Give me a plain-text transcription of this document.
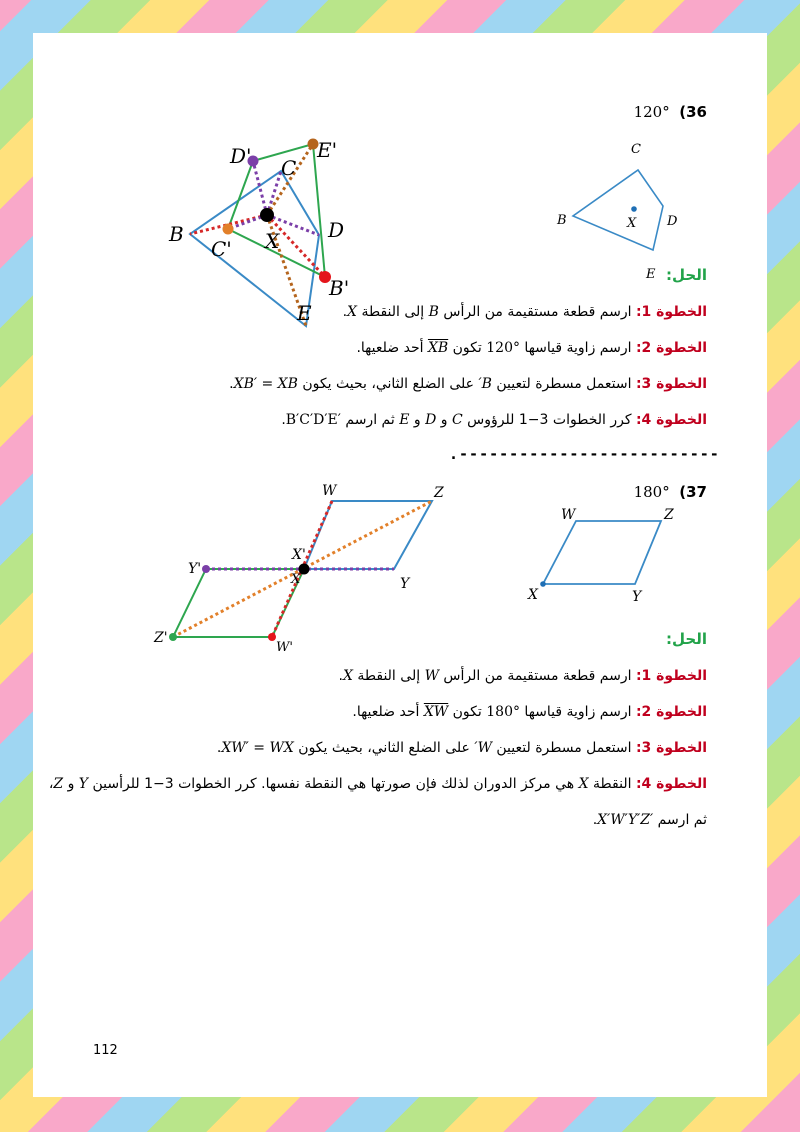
120° (36
C
B	X D
E
D'	E'
C
X D
B
C'
B'
E
الحل:
الخطوة 1: ارسم قطعة مستقيمة من الرأس B إلى النقطة X.
الخطوة 2: ارسم زاوية قياسها 120° تكون XB أحد ضلعيها.
الخطوة 3: استعمل مسطرة لتعيين B′ على الضلع الثاني، بحيث يكون XB′ = XB.
الخطوة 4: كرر الخطوات 3−1 للرؤوس C و D و E ثم ارسم B′C′D′E′.
.--------------------------
180° (37
W	Z
X	Y
W	Z
Y'
X'
X	Y
Z'
W'	الحل:
الخطوة 1: ارسم قطعة مستقيمة من الرأس W إلى النقطة X.
الخطوة 2: ارسم زاوية قياسها 180° تكون XW أحد ضلعيها.
الخطوة 3: استعمل مسطرة لتعيين W′ على الضلع الثاني، بحيث يكون XW′ = WX.
الخطوة 4: النقطة X هي مركز الدوران لذلك فإن صورتها هي النقطة نفسها. كرر الخطوات 3−1 للرأسين Y و Z،
ثم ارسم X′W′Y′Z′.
112
